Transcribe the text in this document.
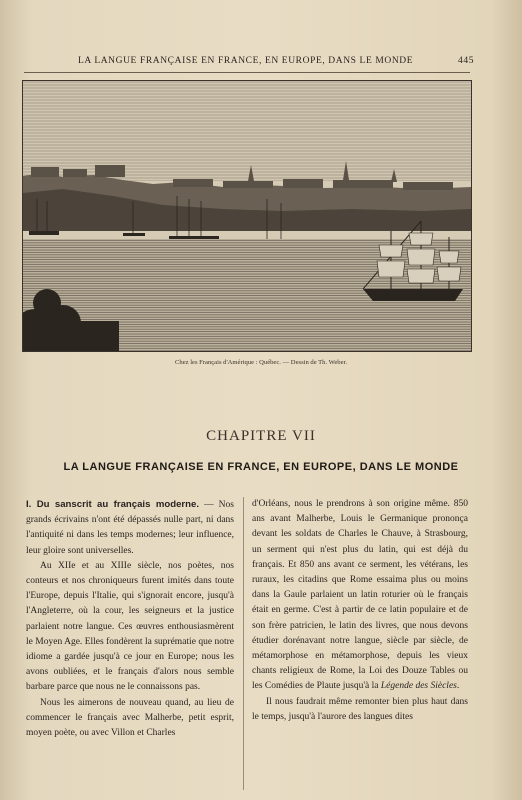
LA LANGUE FRANÇAISE EN FRANCE, EN EUROPE, DANS LE MONDE	445
Chez les Français d'Amérique : Québec. — Dessin de Th. Weber.
CHAPITRE VII
LA LANGUE FRANÇAISE EN FRANCE, EN EUROPE, DANS LE MONDE

I. Du sanscrit au français moderne. — Nos grands écrivains n'ont été dépassés nulle part, ni dans l'antiquité ni dans les temps modernes; leur influence, leur gloire sont universelles.

Au XIIe et au XIIIe siècle, nos poètes, nos conteurs et nos chroniqueurs furent imités dans toute l'Europe, depuis l'Italie, qui s'ignorait encore, jusqu'à l'Angleterre, où la cour, les seigneurs et la justice parlaient notre langue. Ces œuvres enthousiasmèrent le Moyen Age. Elles fondèrent la suprématie que notre idiome a gardée jusqu'à ce jour en Europe; nous les avons oubliées, et le français d'alors nous semble barbare parce que nous ne le connaissons pas.

Nous les aimerons de nouveau quand, au lieu de commencer le français avec Malherbe, petit esprit, moyen poète, ou avec Villon et Charles

d'Orléans, nous le prendrons à son origine même. 850 ans avant Malherbe, Louis le Germanique prononça devant les soldats de Charles le Chauve, à Strasbourg, un serment qui n'est plus du latin, qui est déjà du français. Et 850 ans avant ce serment, les vétérans, les ruraux, les citadins que Rome essaima plus ou moins dans la Gaule parlaient un latin roturier où le français était en germe. C'est à partir de ce latin populaire et de son frère patricien, le latin des livres, que nous devons étudier dorénavant notre langue, siècle par siècle, de métamorphose en métamorphose, depuis les vieux chants religieux de Rome, la Loi des Douze Tables ou les Comédies de Plaute jusqu'à la Légende des Siècles.

Il nous faudrait même remonter bien plus haut dans le temps, jusqu'à l'aurore des langues dites
